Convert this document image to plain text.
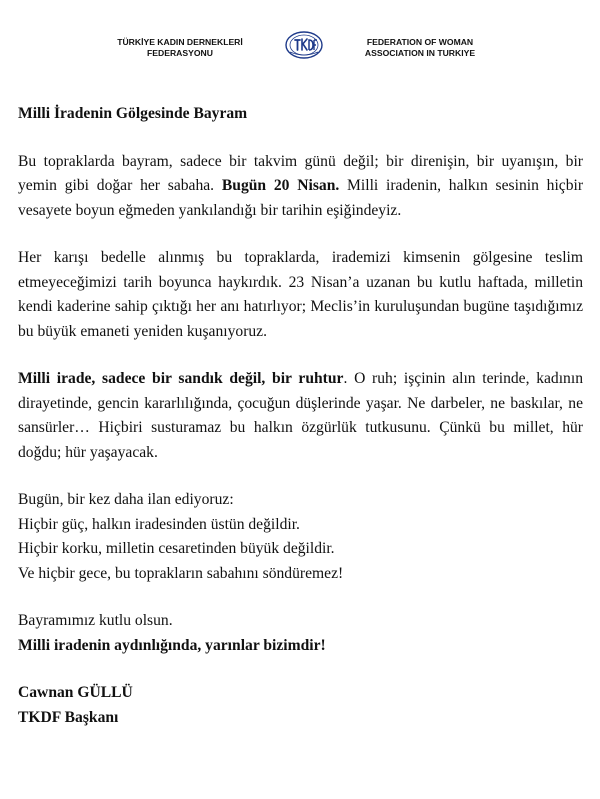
TÜRKİYE KADIN DERNEKLERİ
FEDERASYONU
FEDERATION OF WOMAN
ASSOCIATION IN TURKIYE
Milli İradenin Gölgesinde Bayram
Bu topraklarda bayram, sadece bir takvim günü değil; bir direnişin, bir uyanışın, bir yemin gibi doğar her sabaha. Bugün 20 Nisan. Milli iradenin, halkın sesinin hiçbir vesayete boyun eğmeden yankılandığı bir tarihin eşiğindeyiz.
Her karışı bedelle alınmış bu topraklarda, irademizi kimsenin gölgesine teslim etmeyeceğimizi tarih boyunca haykırdık. 23 Nisan’a uzanan bu kutlu haftada, milletin kendi kaderine sahip çıktığı her anı hatırlıyor; Meclis’in kuruluşundan bugüne taşıdığımız bu büyük emaneti yeniden kuşanıyoruz.
Milli irade, sadece bir sandık değil, bir ruhtur. O ruh; işçinin alın terinde, kadının dirayetinde, gencin kararlılığında, çocuğun düşlerinde yaşar. Ne darbeler, ne baskılar, ne sansürler… Hiçbiri susturamaz bu halkın özgürlük tutkusunu. Çünkü bu millet, hür doğdu; hür yaşayacak.
Bugün, bir kez daha ilan ediyoruz:
Hiçbir güç, halkın iradesinden üstün değildir.
Hiçbir korku, milletin cesaretinden büyük değildir.
Ve hiçbir gece, bu toprakların sabahını söndüremez!
Bayramımız kutlu olsun.
Milli iradenin aydınlığında, yarınlar bizimdir!
Cawnan GÜLLÜ
TKDF Başkanı
